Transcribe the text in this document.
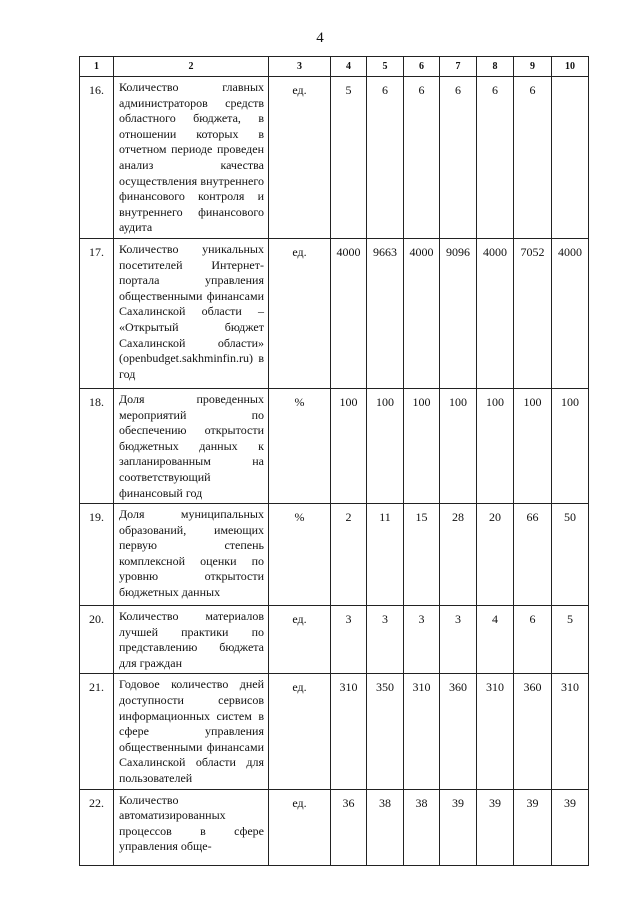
4
1	2	3	4	5	6	7	8	9	10
16.	Количество главных администраторов средств областного бюджета, в отношении которых в отчетном периоде проведен анализ качества осуществления внутреннего финансового контроля и внутреннего финансового аудита	ед.	5	6	6	6	6	6	
17.	Количество уникальных посетителей Интернет-портала управления общественными финансами Сахалинской области – «Открытый бюджет Сахалинской области» (openbudget.sakhminfin.ru) в год	ед.	4000	9663	4000	9096	4000	7052	4000
18.	Доля проведенных мероприятий по обеспечению открытости бюджетных данных к запланированным на соответствующий финансовый год	%	100	100	100	100	100	100	100
19.	Доля муниципальных образований, имеющих первую степень комплексной оценки по уровню открытости бюджетных данных	%	2	11	15	28	20	66	50
20.	Количество материалов лучшей практики по представлению бюджета для граждан	ед.	3	3	3	3	4	6	5
21.	Годовое количество дней доступности сервисов информационных систем в сфере управления общественными финансами Сахалинской области для пользователей	ед.	310	350	310	360	310	360	310
22.	Количество автоматизированных процессов в сфере управления обще-	ед.	36	38	38	39	39	39	39
